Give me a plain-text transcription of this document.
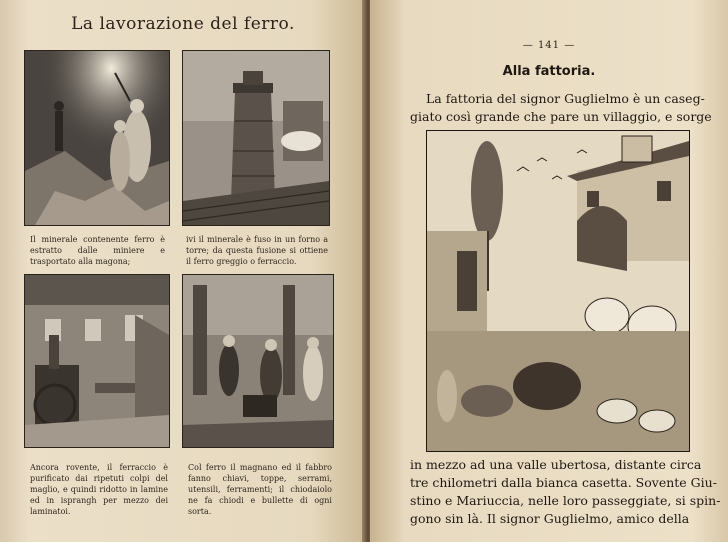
La lavorazione del ferro.
Il minerale contenente ferro è estratto dalle miniere e trasportato alla magona;
ivi il minerale è fuso in un forno a torre; da questa fusione si ottiene il ferro greggio o ferraccio.
Ancora rovente, il ferraccio è purificato dai ripetuti colpi del maglio, e quindi ridotto in lamine ed in isprangh per mezzo dei laminatoi.
Col ferro il magnano ed il fabbro fanno chiavi, toppe, serrami, utensili, ferramenti; il chiodaiolo ne fa chiodi e bullette di ogni sorta.
— 141 —
Alla fattoria.
La fattoria del signor Guglielmo è un caseg-
giato così grande che pare un villaggio, e sorge
in mezzo ad una valle ubertosa, distante circa
tre chilometri dalla bianca casetta. Sovente Giu-
stino e Mariuccia, nelle loro passeggiate, si spin-
gono sin là. Il signor Guglielmo, amico della
